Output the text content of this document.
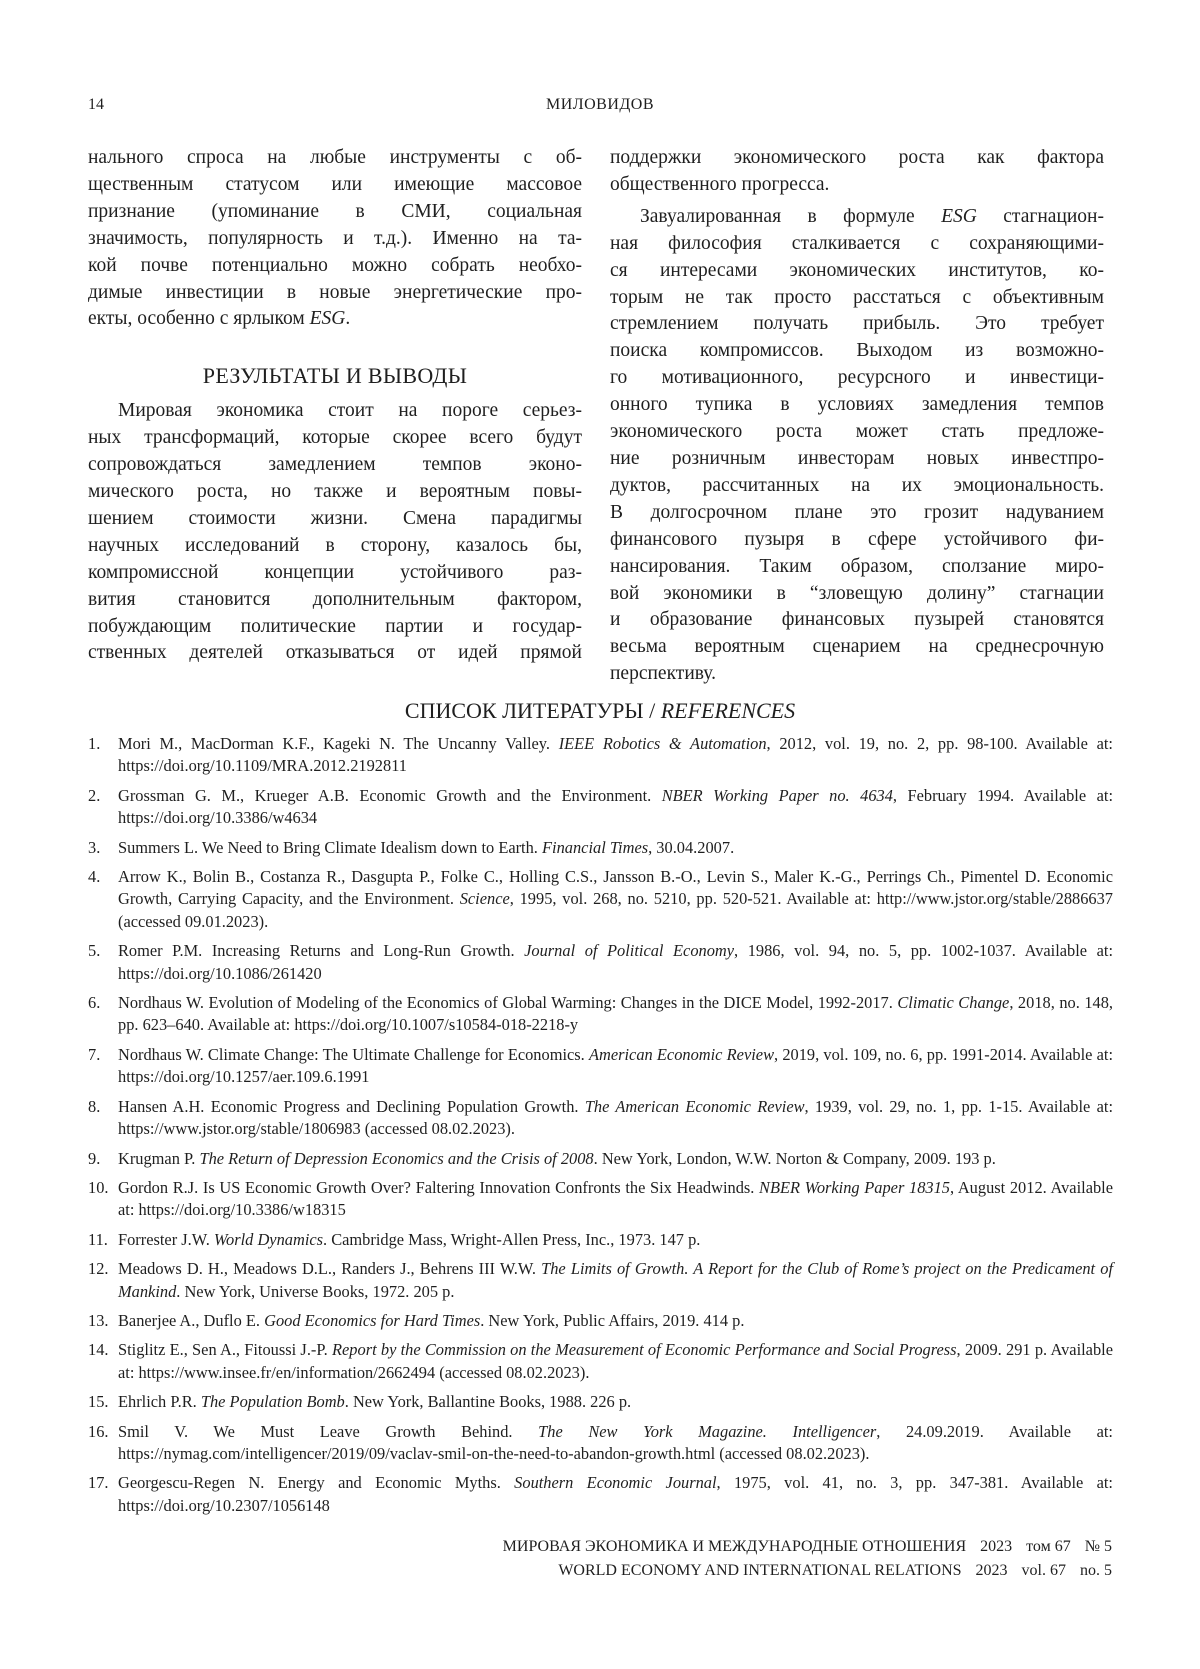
14	МИЛОВИДОВ

нального спроса на любые инструменты с об-
щественным статусом или имеющие массовое
признание (упоминание в СМИ, социальная
значимость, популярность и т.д.). Именно на та-
кой почве потенциально можно собрать необхо-
димые инвестиции в новые энергетические про-
екты, особенно с ярлыком ESG.

РЕЗУЛЬТАТЫ И ВЫВОДЫ

Мировая экономика стоит на пороге серьез-
ных трансформаций, которые скорее всего будут
сопровождаться замедлением темпов эконо-
мического роста, но также и вероятным повы-
шением стоимости жизни. Смена парадигмы
научных исследований в сторону, казалось бы,
компромиссной концепции устойчивого раз-
вития становится дополнительным фактором,
побуждающим политические партии и государ-
ственных деятелей отказываться от идей прямой

поддержки экономического роста как фактора
общественного прогресса.

Завуалированная в формуле ESG стагнацион-
ная философия сталкивается с сохраняющими-
ся интересами экономических институтов, ко-
торым не так просто расстаться с объективным
стремлением получать прибыль. Это требует
поиска компромиссов. Выходом из возможно-
го мотивационного, ресурсного и инвестици-
онного тупика в условиях замедления темпов
экономического роста может стать предложе-
ние розничным инвесторам новых инвестпро-
дуктов, рассчитанных на их эмоциональность.
В долгосрочном плане это грозит надуванием
финансового пузыря в сфере устойчивого фи-
нансирования. Таким образом, сползание миро-
вой экономики в “зловещую долину” стагнации
и образование финансовых пузырей становятся
весьма вероятным сценарием на среднесрочную
перспективу.

СПИСОК ЛИТЕРАТУРЫ / REFERENCES
1. Mori M., MacDorman K.F., Kageki N. The Uncanny Valley. IEEE Robotics & Automation, 2012, vol. 19, no. 2, pp. 98-100. Available at: https://doi.org/10.1109/MRA.2012.2192811
2. Grossman G. M., Krueger A.B. Economic Growth and the Environment. NBER Working Paper no. 4634, February 1994. Available at: https://doi.org/10.3386/w4634
3. Summers L. We Need to Bring Climate Idealism down to Earth. Financial Times, 30.04.2007.
4. Arrow K., Bolin B., Costanza R., Dasgupta P., Folke C., Holling C.S., Jansson B.-O., Levin S., Maler K.-G., Perrings Ch., Pimentel D. Economic Growth, Carrying Capacity, and the Environment. Science, 1995, vol. 268, no. 5210, pp. 520-521. Available at: http://www.jstor.org/stable/2886637 (accessed 09.01.2023).
5. Romer P.M. Increasing Returns and Long-Run Growth. Journal of Political Economy, 1986, vol. 94, no. 5, pp. 1002-1037. Available at: https://doi.org/10.1086/261420
6. Nordhaus W. Evolution of Modeling of the Economics of Global Warming: Changes in the DICE Model, 1992-2017. Climatic Change, 2018, no. 148, pp. 623–640. Available at: https://doi.org/10.1007/s10584-018-2218-y
7. Nordhaus W. Climate Change: The Ultimate Challenge for Economics. American Economic Review, 2019, vol. 109, no. 6, pp. 1991-2014. Available at: https://doi.org/10.1257/aer.109.6.1991
8. Hansen A.H. Economic Progress and Declining Population Growth. The American Economic Review, 1939, vol. 29, no. 1, pp. 1-15. Available at: https://www.jstor.org/stable/1806983 (accessed 08.02.2023).
9. Krugman P. The Return of Depression Economics and the Crisis of 2008. New York, London, W.W. Norton & Company, 2009. 193 p.
10. Gordon R.J. Is US Economic Growth Over? Faltering Innovation Confronts the Six Headwinds. NBER Working Paper 18315, August 2012. Available at: https://doi.org/10.3386/w18315
11. Forrester J.W. World Dynamics. Cambridge Mass, Wright-Allen Press, Inc., 1973. 147 p.
12. Meadows D. H., Meadows D.L., Randers J., Behrens III W.W. The Limits of Growth. A Report for the Club of Rome’s project on the Predicament of Mankind. New York, Universe Books, 1972. 205 p.
13. Banerjee A., Duflo E. Good Economics for Hard Times. New York, Public Affairs, 2019. 414 p.
14. Stiglitz E., Sen A., Fitoussi J.-P. Report by the Commission on the Measurement of Economic Performance and Social Progress, 2009. 291 p. Available at: https://www.insee.fr/en/information/2662494 (accessed 08.02.2023).
15. Ehrlich P.R. The Population Bomb. New York, Ballantine Books, 1988. 226 p.
16. Smil V. We Must Leave Growth Behind. The New York Magazine. Intelligencer, 24.09.2019. Available at: https://nymag.com/intelligencer/2019/09/vaclav-smil-on-the-need-to-abandon-growth.html (accessed 08.02.2023).
17. Georgescu-Regen N. Energy and Economic Myths. Southern Economic Journal, 1975, vol. 41, no. 3, pp. 347-381. Available at: https://doi.org/10.2307/1056148
МИРОВАЯ ЭКОНОМИКА И МЕЖДУНАРОДНЫЕ ОТНОШЕНИЯ 2023 том 67 № 5
WORLD ECONOMY AND INTERNATIONAL RELATIONS 2023 vol. 67 no. 5
